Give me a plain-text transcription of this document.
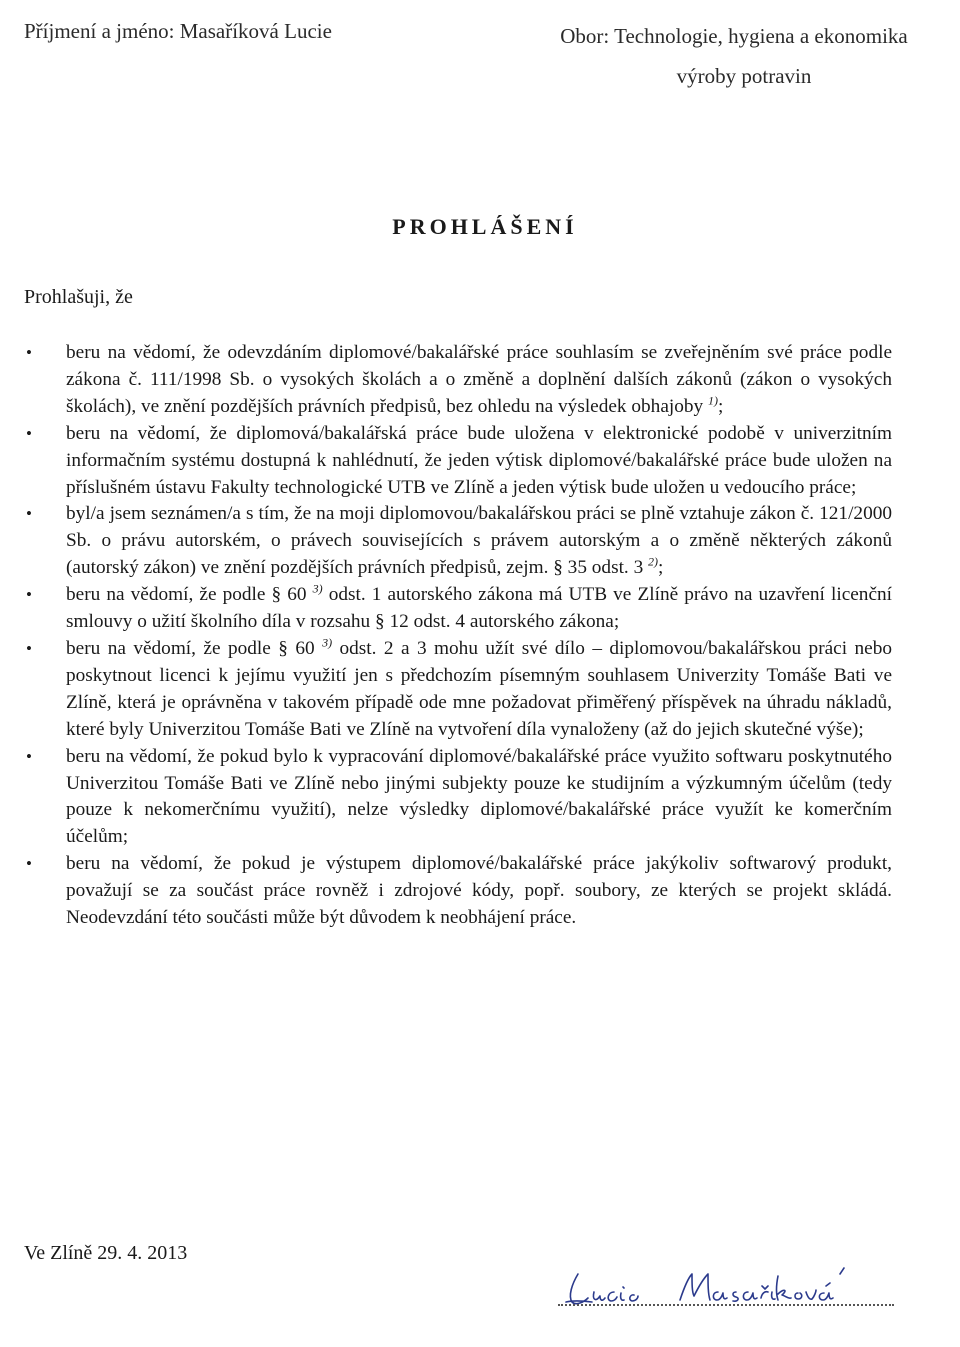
Příjmení a jméno: Masaříková Lucie	Obor: Technologie, hygiena a ekonomika
výroby potravin
PROHLÁŠENÍ
Prohlašuji, že
•	beru na vědomí, že odevzdáním diplomové/bakalářské práce souhlasím se zveřejněním své práce podle zákona č. 111/1998 Sb. o vysokých školách a o změně a doplnění dalších zákonů (zákon o vysokých školách), ve znění pozdějších právních předpisů, bez ohledu na výsledek obhajoby $^{1)}$;
•	beru na vědomí, že diplomová/bakalářská práce bude uložena v elektronické podobě v univerzitním informačním systému dostupná k nahlédnutí, že jeden výtisk diplomové/bakalářské práce bude uložen na příslušném ústavu Fakulty technologické UTB ve Zlíně a jeden výtisk bude uložen u vedoucího práce;
•	byl/a jsem seznámen/a s tím, že na moji diplomovou/bakalářskou práci se plně vztahuje zákon č. 121/2000 Sb. o právu autorském, o právech souvisejících s právem autorským a o změně některých zákonů (autorský zákon) ve znění pozdějších právních předpisů, zejm. § 35 odst. 3 $^{2)}$;
•	beru na vědomí, že podle § 60 $^{3)}$ odst. 1 autorského zákona má UTB ve Zlíně právo na uzavření licenční smlouvy o užití školního díla v rozsahu § 12 odst. 4 autorského zákona;
•	beru na vědomí, že podle § 60 $^{3)}$ odst. 2 a 3 mohu užít své dílo – diplomovou/bakalářskou práci nebo poskytnout licenci k jejímu využití jen s předchozím písemným souhlasem Univerzity Tomáše Bati ve Zlíně, která je oprávněna v takovém případě ode mne požadovat přiměřený příspěvek na úhradu nákladů, které byly Univerzitou Tomáše Bati ve Zlíně na vytvoření díla vynaloženy (až do jejich skutečné výše);
•	beru na vědomí, že pokud bylo k vypracování diplomové/bakalářské práce využito softwaru poskytnutého Univerzitou Tomáše Bati ve Zlíně nebo jinými subjekty pouze ke studijním a výzkumným účelům (tedy pouze k nekomerčnímu využití), nelze výsledky diplomové/bakalářské práce využít ke komerčním účelům;
•	beru na vědomí, že pokud je výstupem diplomové/bakalářské práce jakýkoliv softwarový produkt, považují se za součást práce rovněž i zdrojové kódy, popř. soubory, ze kterých se projekt skládá. Neodevzdání této součásti může být důvodem k neobhájení práce.
Ve Zlíně 29. 4. 2013
